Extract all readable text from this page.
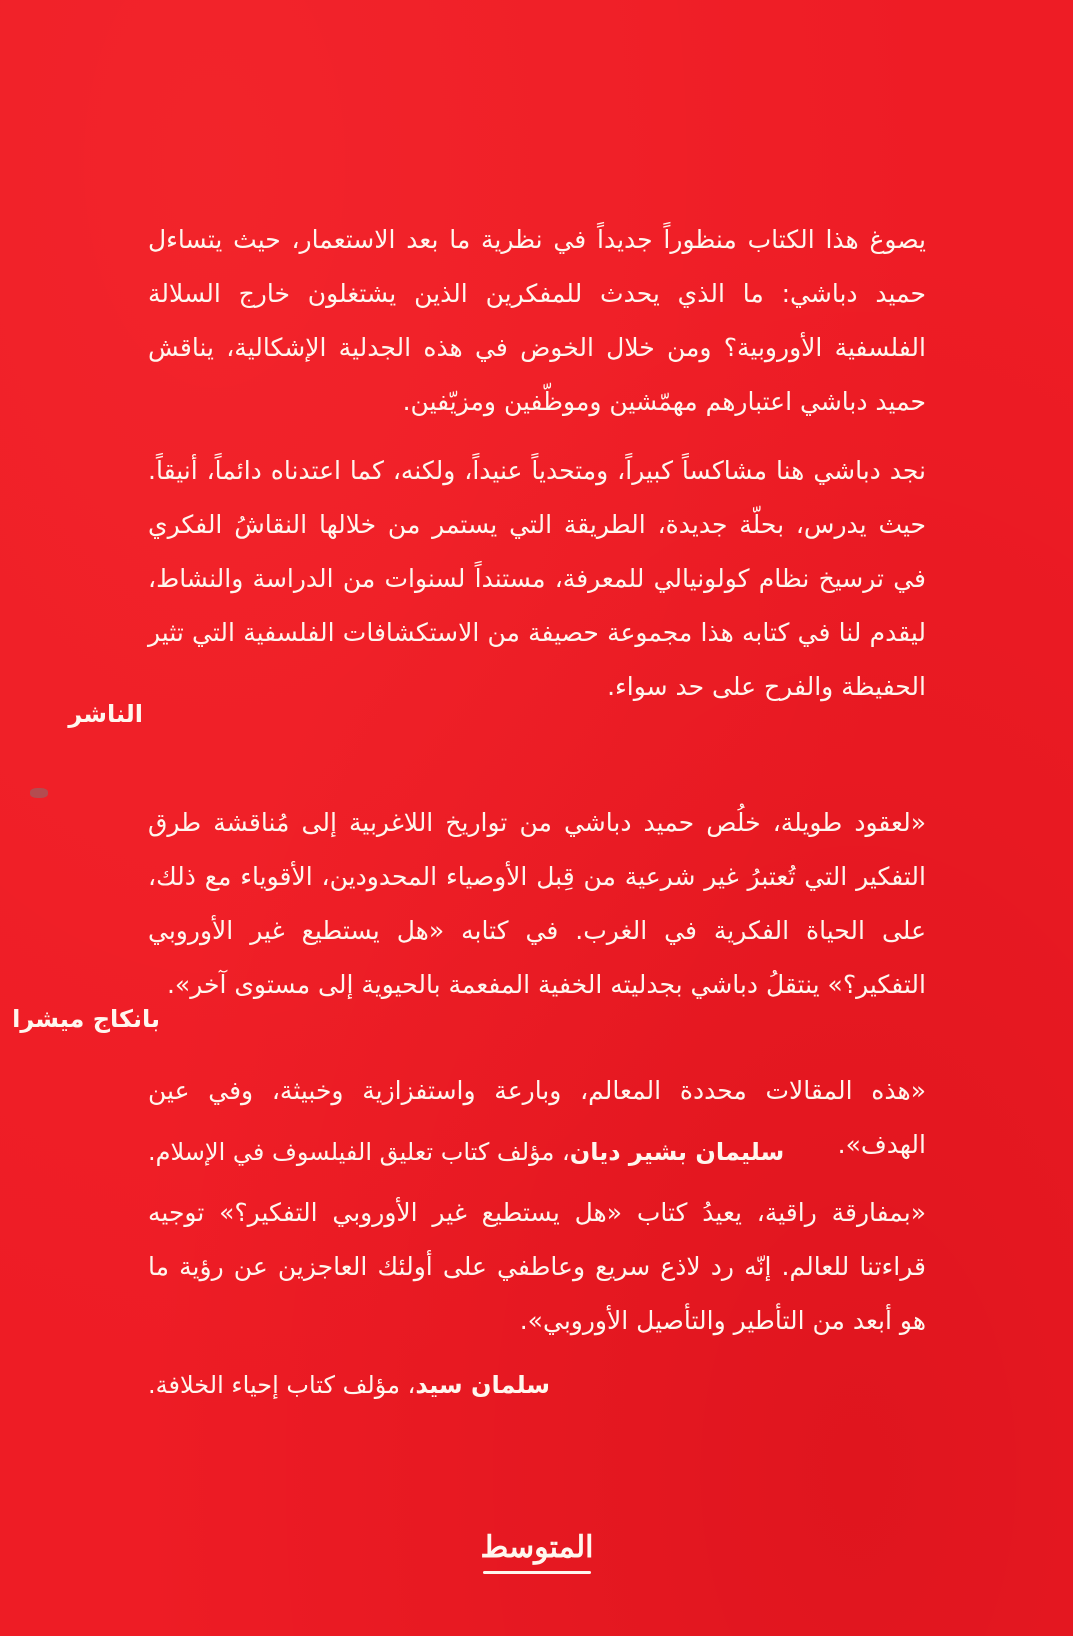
يصوغ هذا الكتاب منظوراً جديداً في نظرية ما بعد الاستعمار، حيث يتساءل حميد دباشي: ما الذي يحدث للمفكرين الذين يشتغلون خارج السلالة الفلسفية الأوروبية؟ ومن خلال الخوض في هذه الجدلية الإشكالية، يناقش حميد دباشي اعتبارهم مهمّشين وموظّفين ومزيّفين.

نجد دباشي هنا مشاكساً كبيراً، ومتحدياً عنيداً، ولكنه، كما اعتدناه دائماً، أنيقاً. حيث يدرس، بحلّة جديدة، الطريقة التي يستمر من خلالها النقاشُ الفكري في ترسيخ نظام كولونيالي للمعرفة، مستنداً لسنوات من الدراسة والنشاط، ليقدم لنا في كتابه هذا مجموعة حصيفة من الاستكشافات الفلسفية التي تثير الحفيظة والفرح على حد سواء.

الناشر

«لعقود طويلة، خلُص حميد دباشي من تواريخ اللاغربية إلى مُناقشة طرق التفكير التي تُعتبرُ غير شرعية من قِبل الأوصياء المحدودين، الأقوياء مع ذلك، على الحياة الفكرية في الغرب. في كتابه «هل يستطيع غير الأوروبي التفكير؟» ينتقلُ دباشي بجدليته الخفية المفعمة بالحيوية إلى مستوى آخر».

بانكاج ميشرا

«هذه المقالات محددة المعالم، وبارعة واستفزازية وخبيثة، وفي عين الهدف».

سليمان بشير ديان، مؤلف كتاب تعليق الفيلسوف في الإسلام.

«بمفارقة راقية، يعيدُ كتاب «هل يستطيع غير الأوروبي التفكير؟» توجيه قراءتنا للعالم. إنّه رد لاذع سريع وعاطفي على أولئك العاجزين عن رؤية ما هو أبعد من التأطير والتأصيل الأوروبي».

سلمان سيد، مؤلف كتاب إحياء الخلافة.
المتوسط
